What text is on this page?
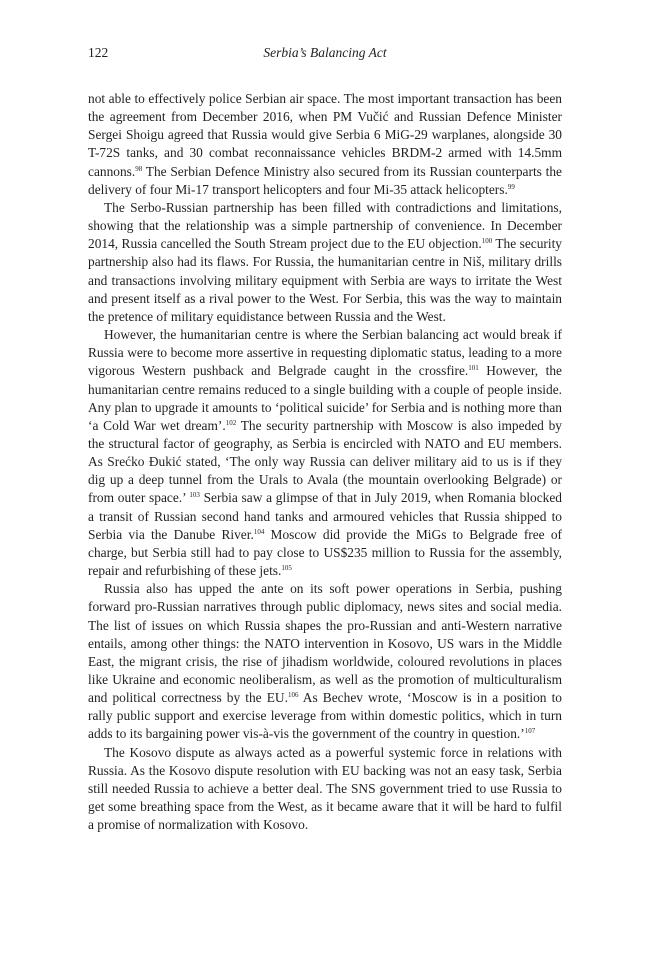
122	Serbia’s Balancing Act

not able to effectively police Serbian air space. The most important transaction has been the agreement from December 2016, when PM Vučić and Russian Defence Minister Sergei Shoigu agreed that Russia would give Serbia 6 MiG-29 warplanes, alongside 30 T-72S tanks, and 30 combat reconnaissance vehicles BRDM-2 armed with 14.5mm cannons.$^{98}$ The Serbian Defence Ministry also secured from its Russian counterparts the delivery of four Mi-17 transport helicopters and four Mi-35 attack helicopters.$^{99}$

The Serbo-Russian partnership has been filled with contradictions and limitations, showing that the relationship was a simple partnership of convenience. In December 2014, Russia cancelled the South Stream project due to the EU objection.$^{100}$ The security partnership also had its flaws. For Russia, the humanitarian centre in Niš, military drills and transactions involving military equipment with Serbia are ways to irritate the West and present itself as a rival power to the West. For Serbia, this was the way to maintain the pretence of military equidistance between Russia and the West.

However, the humanitarian centre is where the Serbian balancing act would break if Russia were to become more assertive in requesting diplomatic status, leading to a more vigorous Western pushback and Belgrade caught in the crossfire.$^{101}$ However, the humanitarian centre remains reduced to a single building with a couple of people inside. Any plan to upgrade it amounts to ‘political suicide’ for Serbia and is nothing more than ‘a Cold War wet dream’.$^{102}$ The security partnership with Moscow is also impeded by the structural factor of geography, as Serbia is encircled with NATO and EU members. As Srećko Đukić stated, ‘The only way Russia can deliver military aid to us is if they dig up a deep tunnel from the Urals to Avala (the mountain overlooking Belgrade) or from outer space.’ $^{103}$ Serbia saw a glimpse of that in July 2019, when Romania blocked a transit of Russian second hand tanks and armoured vehicles that Russia shipped to Serbia via the Danube River.$^{104}$ Moscow did provide the MiGs to Belgrade free of charge, but Serbia still had to pay close to US$235 million to Russia for the assembly, repair and refurbishing of these jets.$^{105}$

Russia also has upped the ante on its soft power operations in Serbia, pushing forward pro-Russian narratives through public diplomacy, news sites and social media. The list of issues on which Russia shapes the pro-Russian and anti-Western narrative entails, among other things: the NATO intervention in Kosovo, US wars in the Middle East, the migrant crisis, the rise of jihadism worldwide, coloured revolutions in places like Ukraine and economic neoliberalism, as well as the promotion of multiculturalism and political correctness by the EU.$^{106}$ As Bechev wrote, ‘Moscow is in a position to rally public support and exercise leverage from within domestic politics, which in turn adds to its bargaining power vis-à-vis the government of the country in question.’$^{107}$

The Kosovo dispute as always acted as a powerful systemic force in relations with Russia. As the Kosovo dispute resolution with EU backing was not an easy task, Serbia still needed Russia to achieve a better deal. The SNS government tried to use Russia to get some breathing space from the West, as it became aware that it will be hard to fulfil a promise of normalization with Kosovo.
